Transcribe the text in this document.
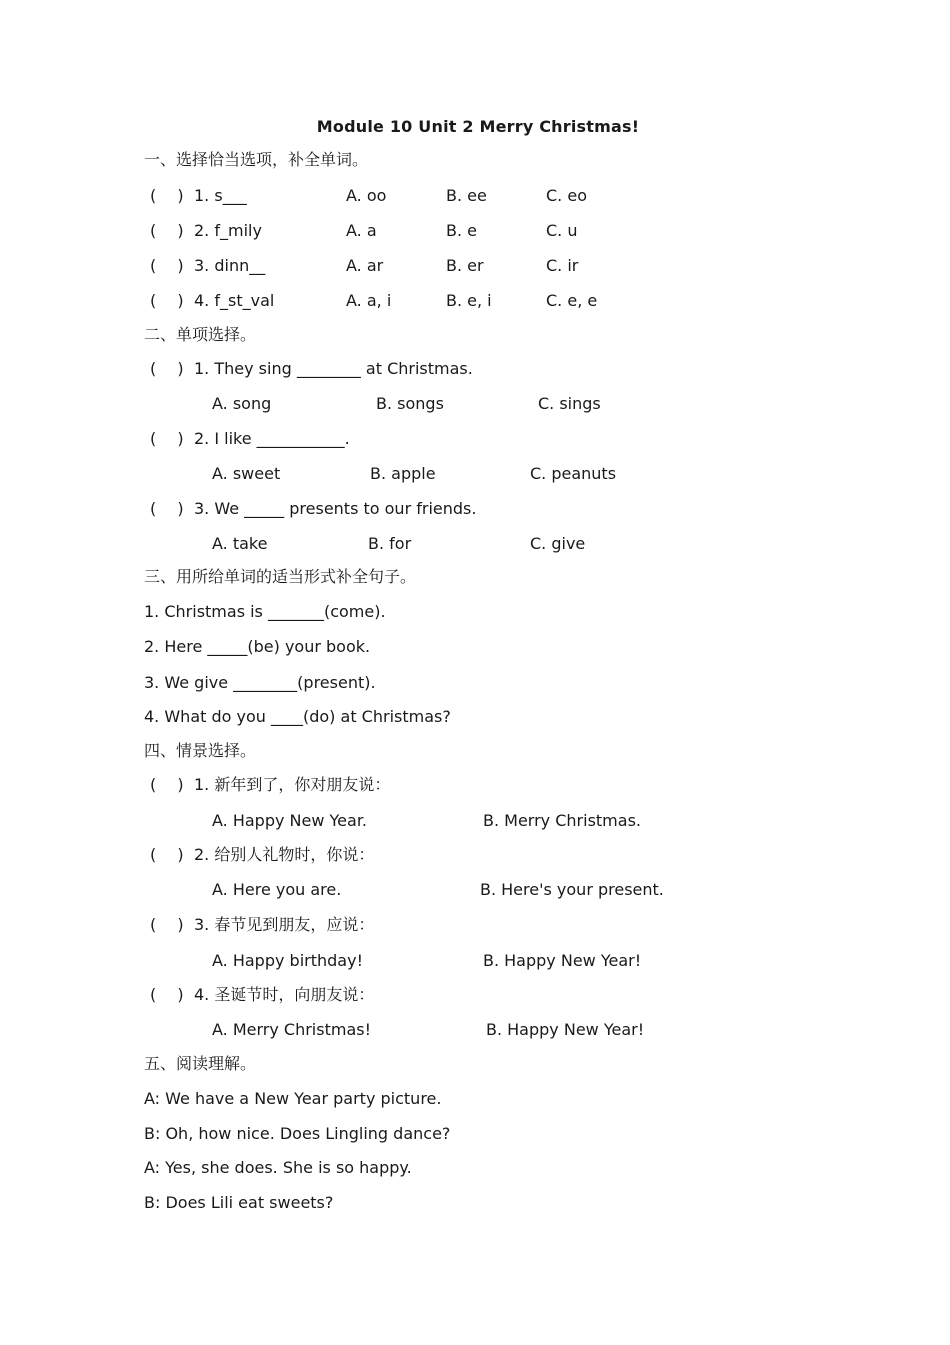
Module 10 Unit 2 Merry Christmas!
一、选择恰当选项，补全单词。
(　 ) 1. s___	A. oo	B. ee	C. eo
(　 ) 2. f_mily	A. a	B. e	C. u
(　 ) 3. dinn__	A. ar	B. er	C. ir
(　 ) 4. f_st_val	A. a, i	B. e, i	C. e, e
二、单项选择。
(　 ) 1. They sing ________ at Christmas.
A. song	B. songs	C. sings
(　 ) 2. I like ___________.
A. sweet	B. apple	C. peanuts
(　 ) 3. We _____ presents to our friends.
A. take	B. for	C. give
三、用所给单词的适当形式补全句子。
1. Christmas is _______(come).
2. Here _____(be) your book.
3. We give ________(present).
4. What do you ____(do) at Christmas?
四、情景选择。
(　 ) 1. 新年到了，你对朋友说：
A. Happy New Year.	B. Merry Christmas.
(　 ) 2. 给别人礼物时，你说：
A. Here you are.	B. Here's your present.
(　 ) 3. 春节见到朋友，应说：
A. Happy birthday!	B. Happy New Year!
(　 ) 4. 圣诞节时，向朋友说：
A. Merry Christmas!	B. Happy New Year!
五、阅读理解。
A: We have a New Year party picture.
B: Oh, how nice. Does Lingling dance?
A: Yes, she does. She is so happy.
B: Does Lili eat sweets?
